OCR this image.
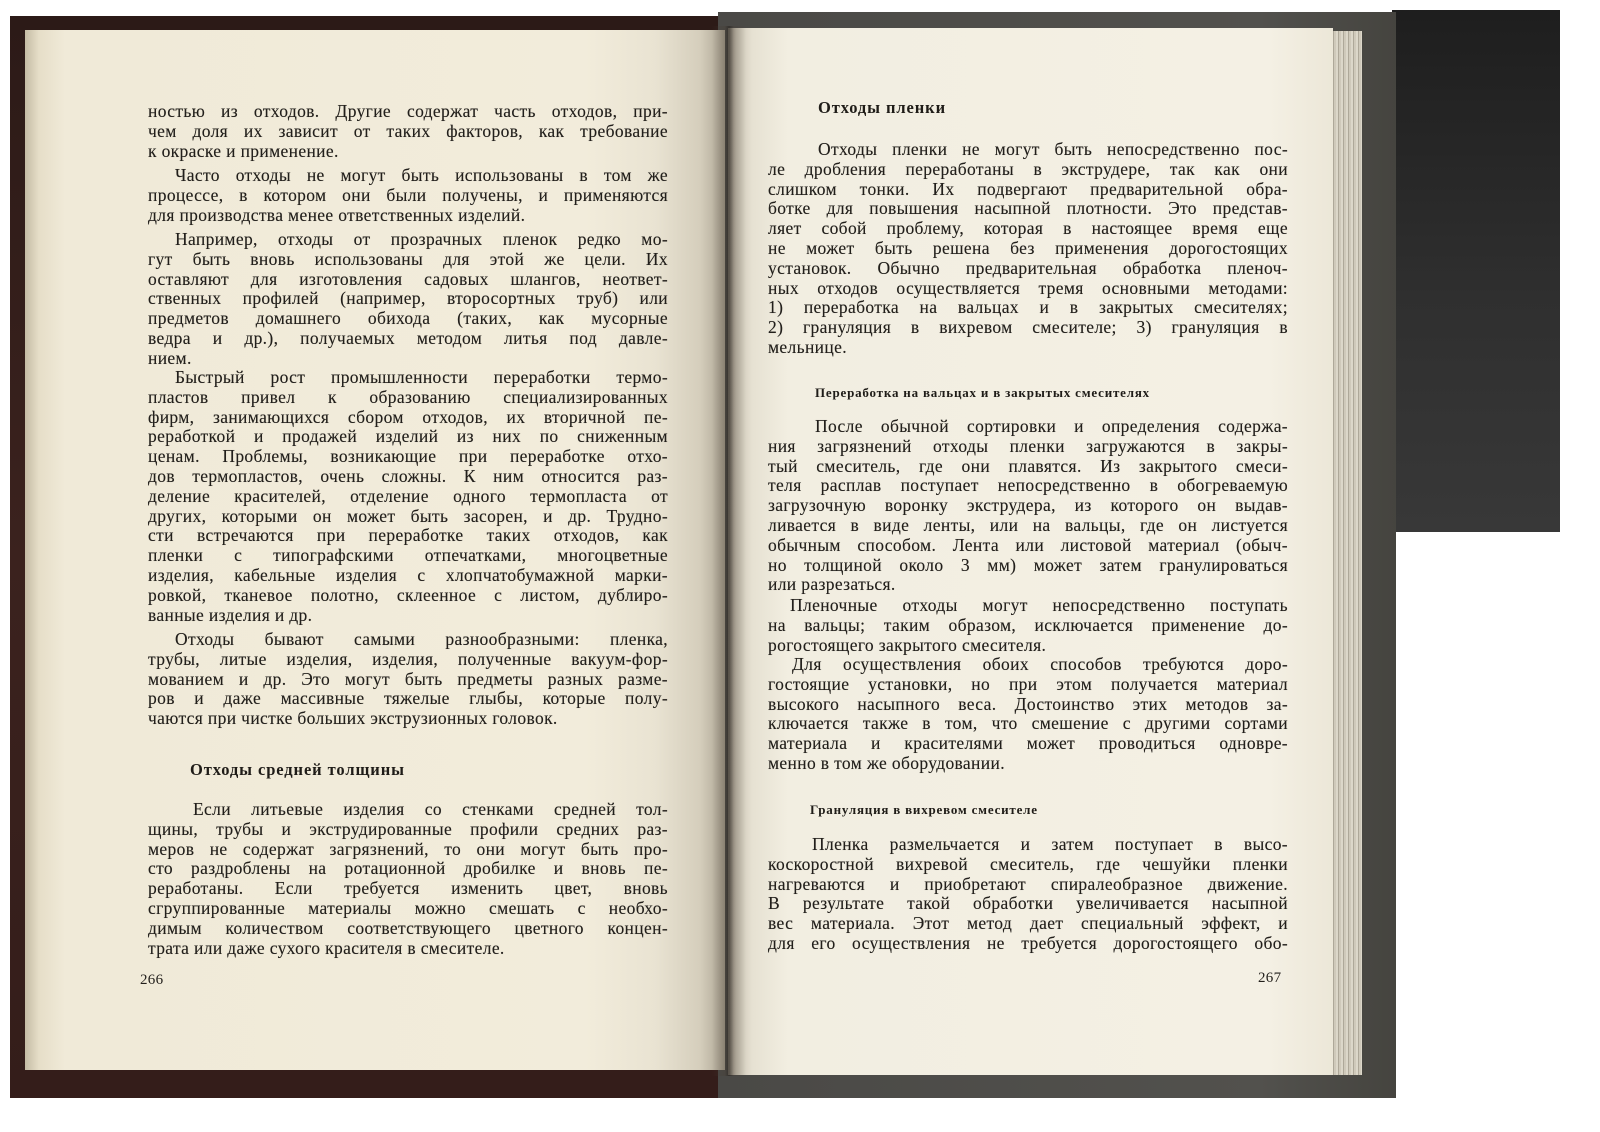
Отходы средней толщины
266
ностью из отходов. Другие содержат часть отходов, при-
чем доля их зависит от таких факторов, как требование
к окраске и применение.
Часто отходы не могут быть использованы в том же
процессе, в котором они были получены, и применяются
для производства менее ответственных изделий.
Например, отходы от прозрачных пленок редко мо-
гут быть вновь использованы для этой же цели. Их
оставляют для изготовления садовых шлангов, неответ-
ственных профилей (например, второсортных труб) или
предметов домашнего обихода (таких, как мусорные
ведра и др.), получаемых методом литья под давле-
нием.
Быстрый рост промышленности переработки термо-
пластов привел к образованию специализированных
фирм, занимающихся сбором отходов, их вторичной пе-
реработкой и продажей изделий из них по сниженным
ценам. Проблемы, возникающие при переработке отхо-
дов термопластов, очень сложны. К ним относится раз-
деление красителей, отделение одного термопласта от
других, которыми он может быть засорен, и др. Трудно-
сти встречаются при переработке таких отходов, как
пленки с типографскими отпечатками, многоцветные
изделия, кабельные изделия с хлопчатобумажной марки-
ровкой, тканевое полотно, склеенное с листом, дублиро-
ванные изделия и др.
Отходы бывают самыми разнообразными: пленка,
трубы, литые изделия, изделия, полученные вакуум-фор-
мованием и др. Это могут быть предметы разных разме-
ров и даже массивные тяжелые глыбы, которые полу-
чаются при чистке больших экструзионных головок.
Если литьевые изделия со стенками средней тол-
щины, трубы и экструдированные профили средних раз-
меров не содержат загрязнений, то они могут быть про-
сто раздроблены на ротационной дробилке и вновь пе-
реработаны. Если требуется изменить цвет, вновь
сгруппированные материалы можно смешать с необхо-
димым количеством соответствующего цветного концен-
трата или даже сухого красителя в смесителе.
Отходы пленки
Переработка на вальцах и в закрытых смесителях
Грануляция в вихревом смесителе
267
Отходы пленки не могут быть непосредственно пос-
ле дробления переработаны в экструдере, так как они
слишком тонки. Их подвергают предварительной обра-
ботке для повышения насыпной плотности. Это представ-
ляет собой проблему, которая в настоящее время еще
не может быть решена без применения дорогостоящих
установок. Обычно предварительная обработка пленоч-
ных отходов осуществляется тремя основными методами:
1) переработка на вальцах и в закрытых смесителях;
2) грануляция в вихревом смесителе; 3) грануляция в
мельнице.
После обычной сортировки и определения содержа-
ния загрязнений отходы пленки загружаются в закры-
тый смеситель, где они плавятся. Из закрытого смеси-
теля расплав поступает непосредственно в обогреваемую
загрузочную воронку экструдера, из которого он выдав-
ливается в виде ленты, или на вальцы, где он листуется
обычным способом. Лента или листовой материал (обыч-
но толщиной около 3 мм) может затем гранулироваться
или разрезаться.
Пленочные отходы могут непосредственно поступать
на вальцы; таким образом, исключается применение до-
рогостоящего закрытого смесителя.
Для осуществления обоих способов требуются доро-
гостоящие установки, но при этом получается материал
высокого насыпного веса. Достоинство этих методов за-
ключается также в том, что смешение с другими сортами
материала и красителями может проводиться одновре-
менно в том же оборудовании.
Пленка размельчается и затем поступает в высо-
коскоростной вихревой смеситель, где чешуйки пленки
нагреваются и приобретают спиралеобразное движение.
В результате такой обработки увеличивается насыпной
вес материала. Этот метод дает специальный эффект, и
для его осуществления не требуется дорогостоящего обо-
